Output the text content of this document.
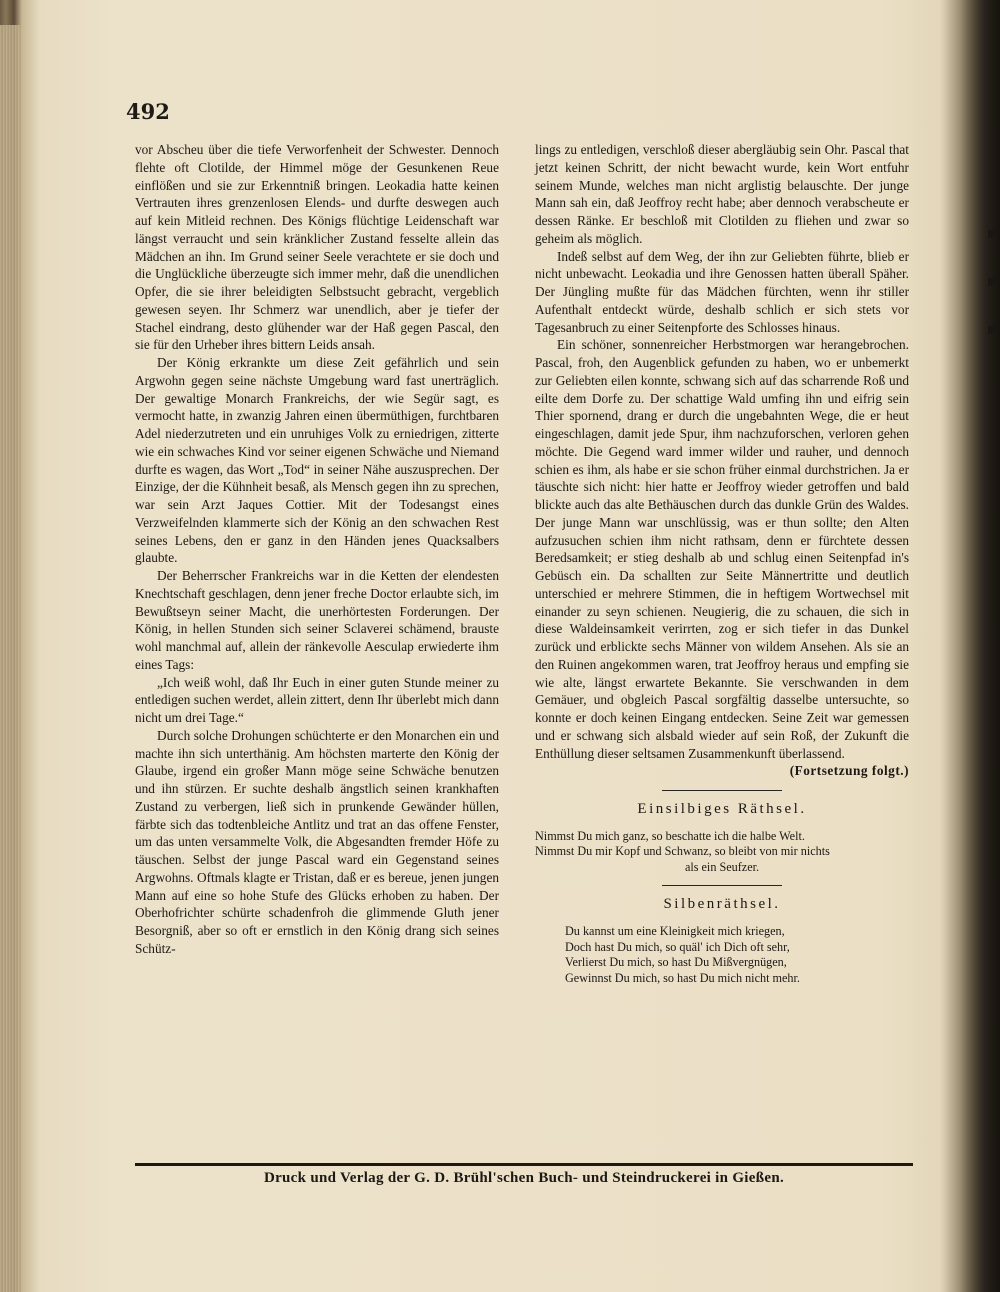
492

vor Abscheu über die tiefe Verworfenheit der Schwester. Dennoch flehte oft Clotilde, der Himmel möge der Gesunkenen Reue einflößen und sie zur Erkenntniß bringen. Leokadia hatte keinen Vertrauten ihres grenzenlosen Elends- und durfte deswegen auch auf kein Mitleid rechnen. Des Königs flüchtige Leidenschaft war längst verraucht und sein kränklicher Zustand fesselte allein das Mädchen an ihn. Im Grund seiner Seele verachtete er sie doch und die Unglückliche überzeugte sich immer mehr, daß die unendlichen Opfer, die sie ihrer beleidigten Selbstsucht gebracht, vergeblich gewesen seyen. Ihr Schmerz war unendlich, aber je tiefer der Stachel eindrang, desto glühender war der Haß gegen Pascal, den sie für den Urheber ihres bittern Leids ansah.

Der König erkrankte um diese Zeit gefährlich und sein Argwohn gegen seine nächste Umgebung ward fast unerträglich. Der gewaltige Monarch Frankreichs, der wie Segür sagt, es vermocht hatte, in zwanzig Jahren einen übermüthigen, furchtbaren Adel niederzutreten und ein unruhiges Volk zu erniedrigen, zitterte wie ein schwaches Kind vor seiner eigenen Schwäche und Niemand durfte es wagen, das Wort „Tod“ in seiner Nähe auszusprechen. Der Einzige, der die Kühnheit besaß, als Mensch gegen ihn zu sprechen, war sein Arzt Jaques Cottier. Mit der Todesangst eines Verzweifelnden klammerte sich der König an den schwachen Rest seines Lebens, den er ganz in den Händen jenes Quacksalbers glaubte.

Der Beherrscher Frankreichs war in die Ketten der elendesten Knechtschaft geschlagen, denn jener freche Doctor erlaubte sich, im Bewußtseyn seiner Macht, die unerhörtesten Forderungen. Der König, in hellen Stunden sich seiner Sclaverei schämend, brauste wohl manchmal auf, allein der ränkevolle Aesculap erwiederte ihm eines Tags:

„Ich weiß wohl, daß Ihr Euch in einer guten Stunde meiner zu entledigen suchen werdet, allein zittert, denn Ihr überlebt mich dann nicht um drei Tage.“

Durch solche Drohungen schüchterte er den Monarchen ein und machte ihn sich unterthänig. Am höchsten marterte den König der Glaube, irgend ein großer Mann möge seine Schwäche benutzen und ihn stürzen. Er suchte deshalb ängstlich seinen krankhaften Zustand zu verbergen, ließ sich in prunkende Gewänder hüllen, färbte sich das todtenbleiche Antlitz und trat an das offene Fenster, um das unten versammelte Volk, die Abgesandten fremder Höfe zu täuschen. Selbst der junge Pascal ward ein Gegenstand seines Argwohns. Oftmals klagte er Tristan, daß er es bereue, jenen jungen Mann auf eine so hohe Stufe des Glücks erhoben zu haben. Der Oberhofrichter schürte schadenfroh die glimmende Gluth jener Besorgniß, aber so oft er ernstlich in den König drang sich seines Schütz-

lings zu entledigen, verschloß dieser abergläubig sein Ohr. Pascal that jetzt keinen Schritt, der nicht bewacht wurde, kein Wort entfuhr seinem Munde, welches man nicht arglistig belauschte. Der junge Mann sah ein, daß Jeoffroy recht habe; aber dennoch verabscheute er dessen Ränke. Er beschloß mit Clotilden zu fliehen und zwar so geheim als möglich.

Indeß selbst auf dem Weg, der ihn zur Geliebten führte, blieb er nicht unbewacht. Leokadia und ihre Genossen hatten überall Späher. Der Jüngling mußte für das Mädchen fürchten, wenn ihr stiller Aufenthalt entdeckt würde, deshalb schlich er sich stets vor Tagesanbruch zu einer Seitenpforte des Schlosses hinaus.

Ein schöner, sonnenreicher Herbstmorgen war herangebrochen. Pascal, froh, den Augenblick gefunden zu haben, wo er unbemerkt zur Geliebten eilen konnte, schwang sich auf das scharrende Roß und eilte dem Dorfe zu. Der schattige Wald umfing ihn und eifrig sein Thier spornend, drang er durch die ungebahnten Wege, die er heut eingeschlagen, damit jede Spur, ihm nachzuforschen, verloren gehen möchte. Die Gegend ward immer wilder und rauher, und dennoch schien es ihm, als habe er sie schon früher einmal durchstrichen. Ja er täuschte sich nicht: hier hatte er Jeoffroy wieder getroffen und bald blickte auch das alte Bethäuschen durch das dunkle Grün des Waldes. Der junge Mann war unschlüssig, was er thun sollte; den Alten aufzusuchen schien ihm nicht rathsam, denn er fürchtete dessen Beredsamkeit; er stieg deshalb ab und schlug einen Seitenpfad in's Gebüsch ein. Da schallten zur Seite Männertritte und deutlich unterschied er mehrere Stimmen, die in heftigem Wortwechsel mit einander zu seyn schienen. Neugierig, die zu schauen, die sich in diese Waldeinsamkeit verirrten, zog er sich tiefer in das Dunkel zurück und erblickte sechs Männer von wildem Ansehen. Als sie an den Ruinen angekommen waren, trat Jeoffroy heraus und empfing sie wie alte, längst erwartete Bekannte. Sie verschwanden in dem Gemäuer, und obgleich Pascal sorgfältig dasselbe untersuchte, so konnte er doch keinen Eingang entdecken. Seine Zeit war gemessen und er schwang sich alsbald wieder auf sein Roß, der Zukunft die Enthüllung dieser seltsamen Zusammenkunft überlassend.

(Fortsetzung folgt.)

Einsilbiges Räthsel.
Nimmst Du mich ganz, so beschatte ich die halbe Welt.
Nimmst Du mir Kopf und Schwanz, so bleibt von mir nichts
als ein Seufzer.
Silbenräthsel.
Du kannst um eine Kleinigkeit mich kriegen,
Doch hast Du mich, so quäl' ich Dich oft sehr,
Verlierst Du mich, so hast Du Mißvergnügen,
Gewinnst Du mich, so hast Du mich nicht mehr.
Druck und Verlag der G. D. Brühl'schen Buch- und Steindruckerei in Gießen.
